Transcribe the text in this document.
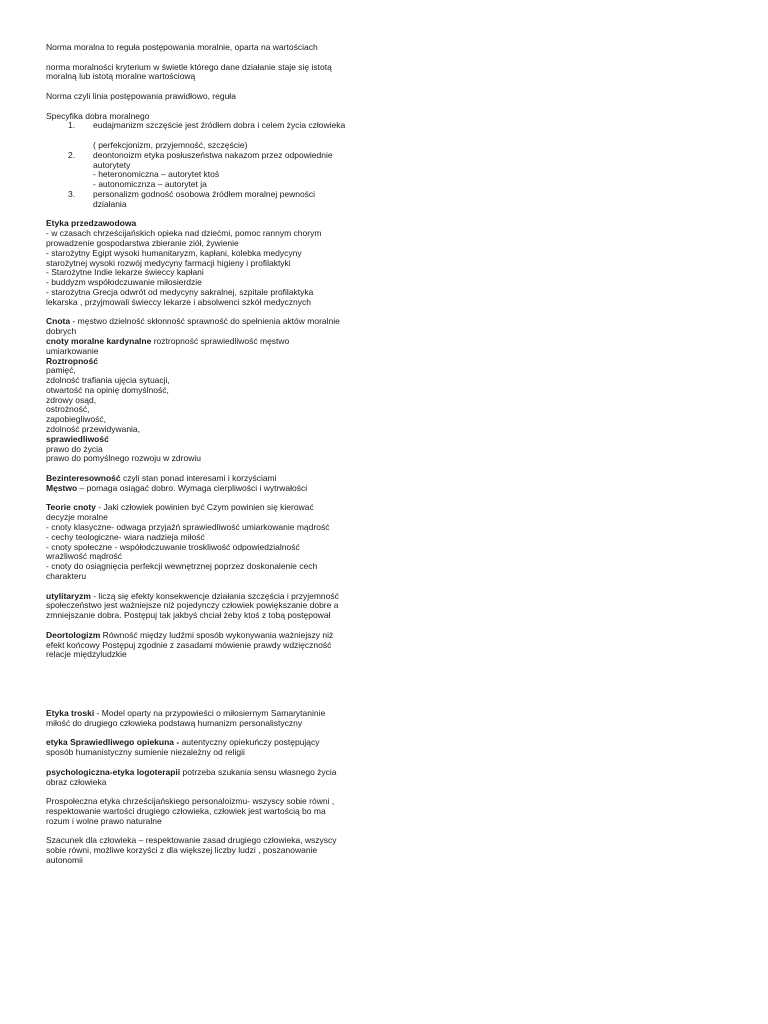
Norma moralna to reguła postępowania moralnie, oparta na wartościach
norma moralności kryterium w świetle którego dane działanie staje się istotą
moralną lub istotą moralne wartościową
Norma czyli linia postępowania prawidłowo, reguła
Specyfika dobra moralnego
1.	eudajmanizm szczęście jest źródłem dobra i celem życia człowieka

( perfekcjonizm, przyjemność, szczęście)
2.	deontonoizm etyka posłuszeństwa nakazom przez odpowiednie
autorytety
- heteronomiczna – autorytet ktoś
- autonomicznza – autorytet ja
3.	personalizm godność osobowa źródłem moralnej pewności
działania
Etyka przedzawodowa
- w czasach chrześcijańskich opieka nad dziećmi, pomoc rannym chorym
prowadzenie gospodarstwa zbieranie ziół, żywienie
- starożytny Egipt wysoki humanitaryzm, kapłani, kolebka medycyny
starożytnej wysoki rozwój medycyny farmacji higieny i profilaktyki
- Starożytne Indie lekarze świeccy kapłani
- buddyzm współodczuwanie miłosierdzie
- starożytna Grecja odwrót od medycyny sakralnej, szpitale profilaktyka
lekarska , przyjmowali świeccy lekarze i absolwenci szkół medycznych
Cnota - męstwo dzielność skłonność sprawność do spełnienia aktów moralnie
dobrych
cnoty moralne kardynalne roztropność sprawiedliwość męstwo
umiarkowanie
Roztropność
pamięć,
zdolność trafiania ujęcia sytuacji,
otwartość na opinię domyślność,
zdrowy osąd,
ostrożność,
zapobiegliwość,
zdolność przewidywania,
sprawiedliwość
prawo do życia
prawo do pomyślnego rozwoju w zdrowiu
Bezinteresowność czyli stan ponad interesami i korzyściami
Męstwo – pomaga osiągać dobro. Wymaga cierpliwości i wytrwałości
Teorie cnoty - Jaki człowiek powinien być Czym powinien się kierować
decyzje moralne
- cnoty klasyczne- odwaga przyjaźń sprawiedliwość umiarkowanie mądrość
- cechy teologiczne- wiara nadzieja miłość
- cnoty społeczne - współodczuwanie troskliwość odpowiedzialność
wrażliwość mądrość
- cnoty do osiągnięcia perfekcji wewnętrznej poprzez doskonalenie cech
charakteru
utylitaryzm - liczą się efekty konsekwencje działania szczęścia i przyjemność
społeczeństwo jest ważniejsze niż pojedynczy człowiek powiększanie dobre a
zmniejszanie dobra. Postępuj tak jakbyś chciał żeby ktoś z tobą postępował
Deortologizm Równość między ludźmi sposób wykonywania ważniejszy niż
efekt końcowy Postępuj zgodnie z zasadami mówienie prawdy wdzięczność
relacje międzyludzkie
Etyka troski - Model oparty na przypowieści o miłosiernym Samarytaninie
miłość do drugiego człowieka podstawą humanizm personalistyczny
etyka Sprawiedliwego opiekuna - autentyczny opiekuńczy postępujący
sposób humanistyczny sumienie niezależny od religii
psychologiczna-etyka logoterapii potrzeba szukania sensu własnego życia
obraz człowieka
Prospołeczna etyka chrześcijańskiego personaloizmu- wszyscy sobie równi ,
respektowanie wartości drugiego człowieka, człowiek jest wartością bo ma
rozum i wolne prawo naturalne
Szacunek dla człowieka – respektowanie zasad drugiego człowieka, wszyscy
sobie równi, możliwe korzyści z dla większej liczby ludzi , poszanowanie
autonomii
